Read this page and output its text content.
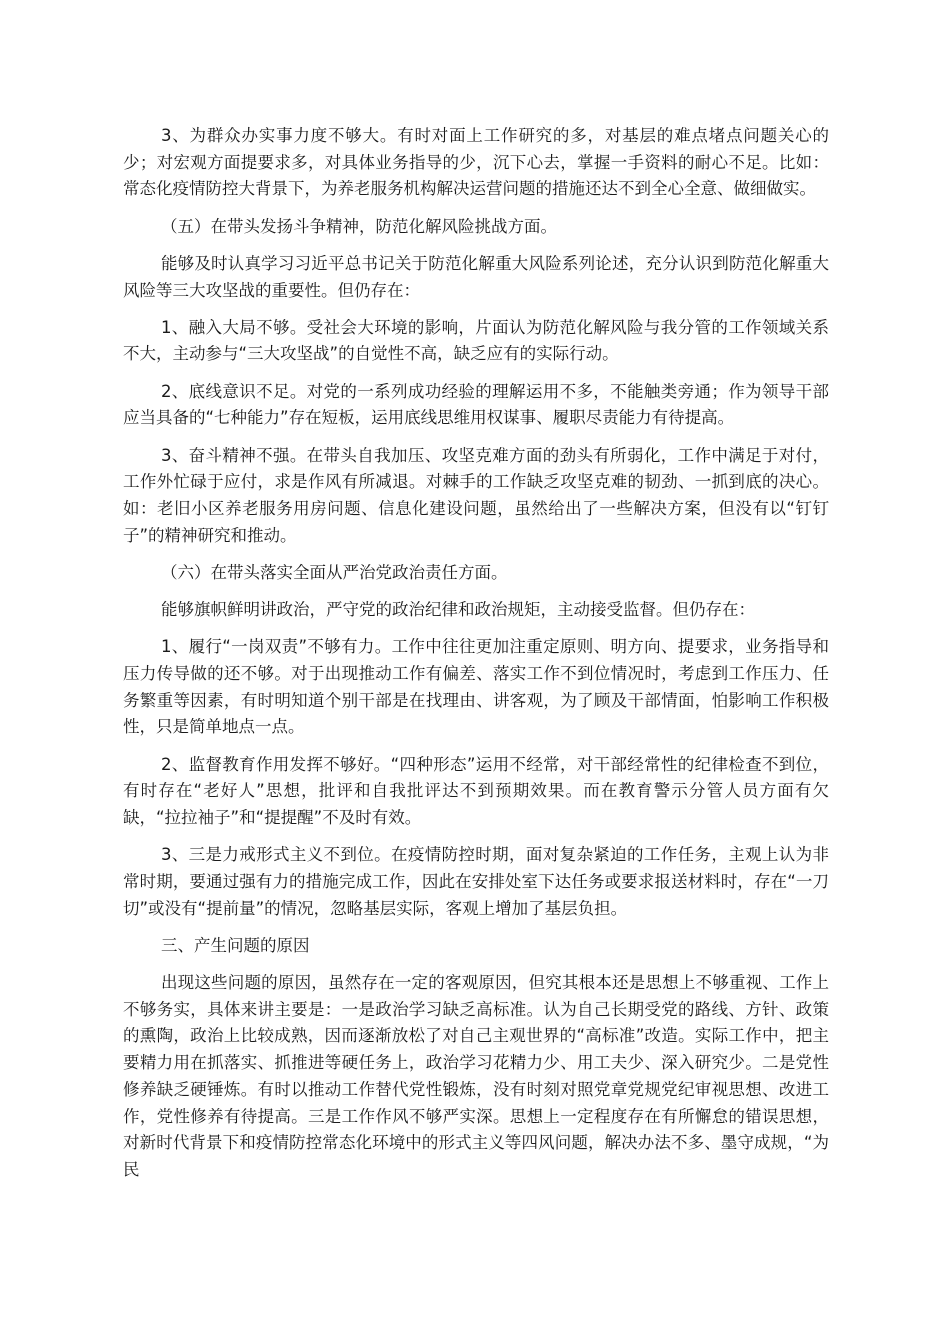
3、为群众办实事力度不够大。有时对面上工作研究的多，对基层的难点堵点问题关心的少；对宏观方面提要求多，对具体业务指导的少，沉下心去，掌握一手资料的耐心不足。比如：常态化疫情防控大背景下，为养老服务机构解决运营问题的措施还达不到全心全意、做细做实。

（五）在带头发扬斗争精神，防范化解风险挑战方面。

能够及时认真学习习近平总书记关于防范化解重大风险系列论述，充分认识到防范化解重大风险等三大攻坚战的重要性。但仍存在：

1、融入大局不够。受社会大环境的影响，片面认为防范化解风险与我分管的工作领域关系不大，主动参与“三大攻坚战”的自觉性不高，缺乏应有的实际行动。

2、底线意识不足。对党的一系列成功经验的理解运用不多，不能触类旁通；作为领导干部应当具备的“七种能力”存在短板，运用底线思维用权谋事、履职尽责能力有待提高。

3、奋斗精神不强。在带头自我加压、攻坚克难方面的劲头有所弱化，工作中满足于对付，工作外忙碌于应付，求是作风有所减退。对棘手的工作缺乏攻坚克难的韧劲、一抓到底的决心。如：老旧小区养老服务用房问题、信息化建设问题，虽然给出了一些解决方案，但没有以“钉钉子”的精神研究和推动。

（六）在带头落实全面从严治党政治责任方面。

能够旗帜鲜明讲政治，严守党的政治纪律和政治规矩，主动接受监督。但仍存在：

1、履行“一岗双责”不够有力。工作中往往更加注重定原则、明方向、提要求，业务指导和压力传导做的还不够。对于出现推动工作有偏差、落实工作不到位情况时，考虑到工作压力、任务繁重等因素，有时明知道个别干部是在找理由、讲客观，为了顾及干部情面，怕影响工作积极性，只是简单地点一点。

2、监督教育作用发挥不够好。“四种形态”运用不经常，对干部经常性的纪律检查不到位，有时存在“老好人”思想，批评和自我批评达不到预期效果。而在教育警示分管人员方面有欠缺，“拉拉袖子”和“提提醒”不及时有效。

3、三是力戒形式主义不到位。在疫情防控时期，面对复杂紧迫的工作任务，主观上认为非常时期，要通过强有力的措施完成工作，因此在安排处室下达任务或要求报送材料时，存在“一刀切”或没有“提前量”的情况，忽略基层实际，客观上增加了基层负担。

三、产生问题的原因

出现这些问题的原因，虽然存在一定的客观原因，但究其根本还是思想上不够重视、工作上不够务实，具体来讲主要是：一是政治学习缺乏高标准。认为自己长期受党的路线、方针、政策的熏陶，政治上比较成熟，因而逐渐放松了对自己主观世界的“高标准”改造。实际工作中，把主要精力用在抓落实、抓推进等硬任务上，政治学习花精力少、用工夫少、深入研究少。二是党性修养缺乏硬锤炼。有时以推动工作替代党性锻炼，没有时刻对照党章党规党纪审视思想、改进工作，党性修养有待提高。三是工作作风不够严实深。思想上一定程度存在有所懈怠的错误思想，对新时代背景下和疫情防控常态化环境中的形式主义等四风问题，解决办法不多、墨守成规，“为民
